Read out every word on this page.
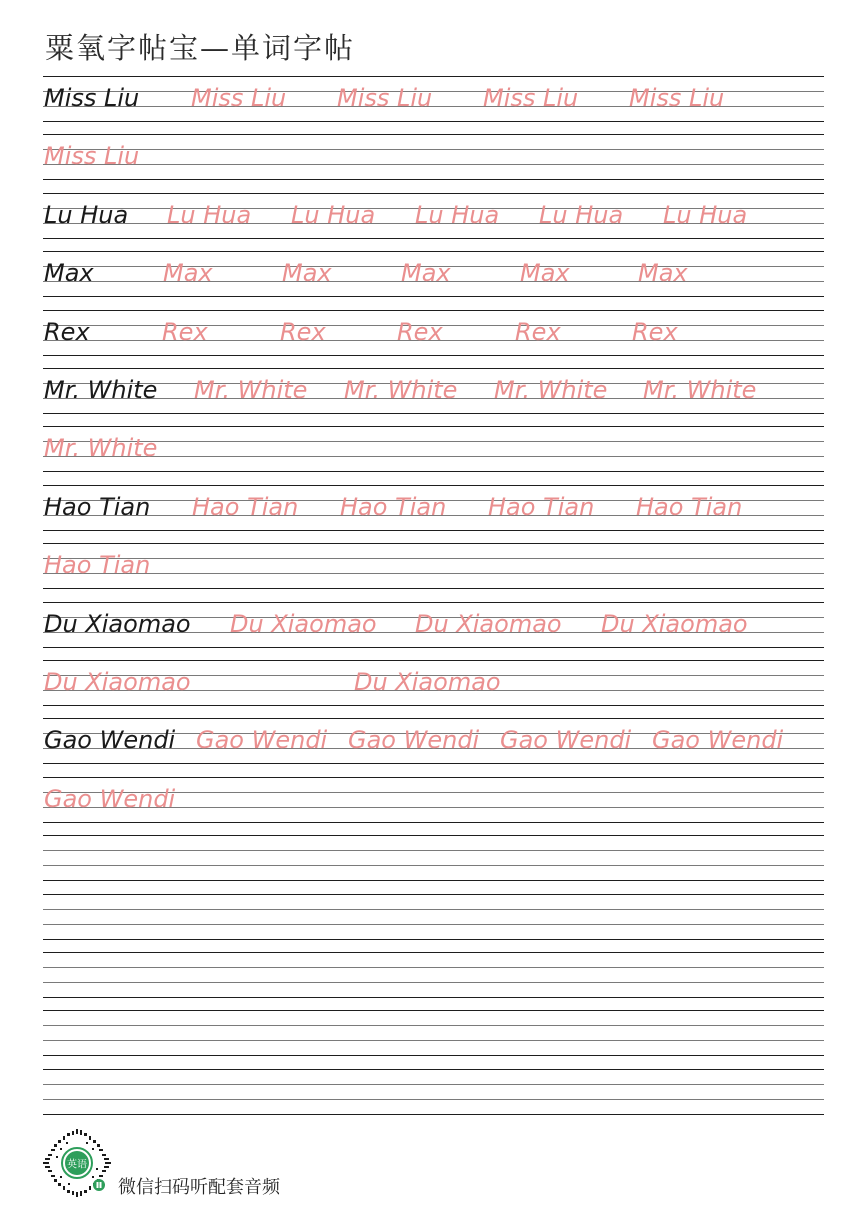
粟氧字帖宝—单词字帖
Miss Liu Miss Liu Miss Liu Miss Liu Miss Liu
Miss Liu
Lu Hua Lu Hua Lu Hua Lu Hua Lu Hua Lu Hua
Max	Max	Max	Max	Max	Max
Rex	Rex	Rex	Rex	Rex	Rex
Mr. White Mr. White Mr. White Mr. White Mr. White
Mr. White
Hao Tian Hao Tian Hao Tian Hao Tian Hao Tian
Hao Tian
Du Xiaomao Du Xiaomao Du Xiaomao Du Xiaomao
Du Xiaomao	Du Xiaomao
Gao Wendi Gao Wendi Gao Wendi Gao Wendi Gao Wendi
Gao Wendi
英语
微信扫码听配套音频
